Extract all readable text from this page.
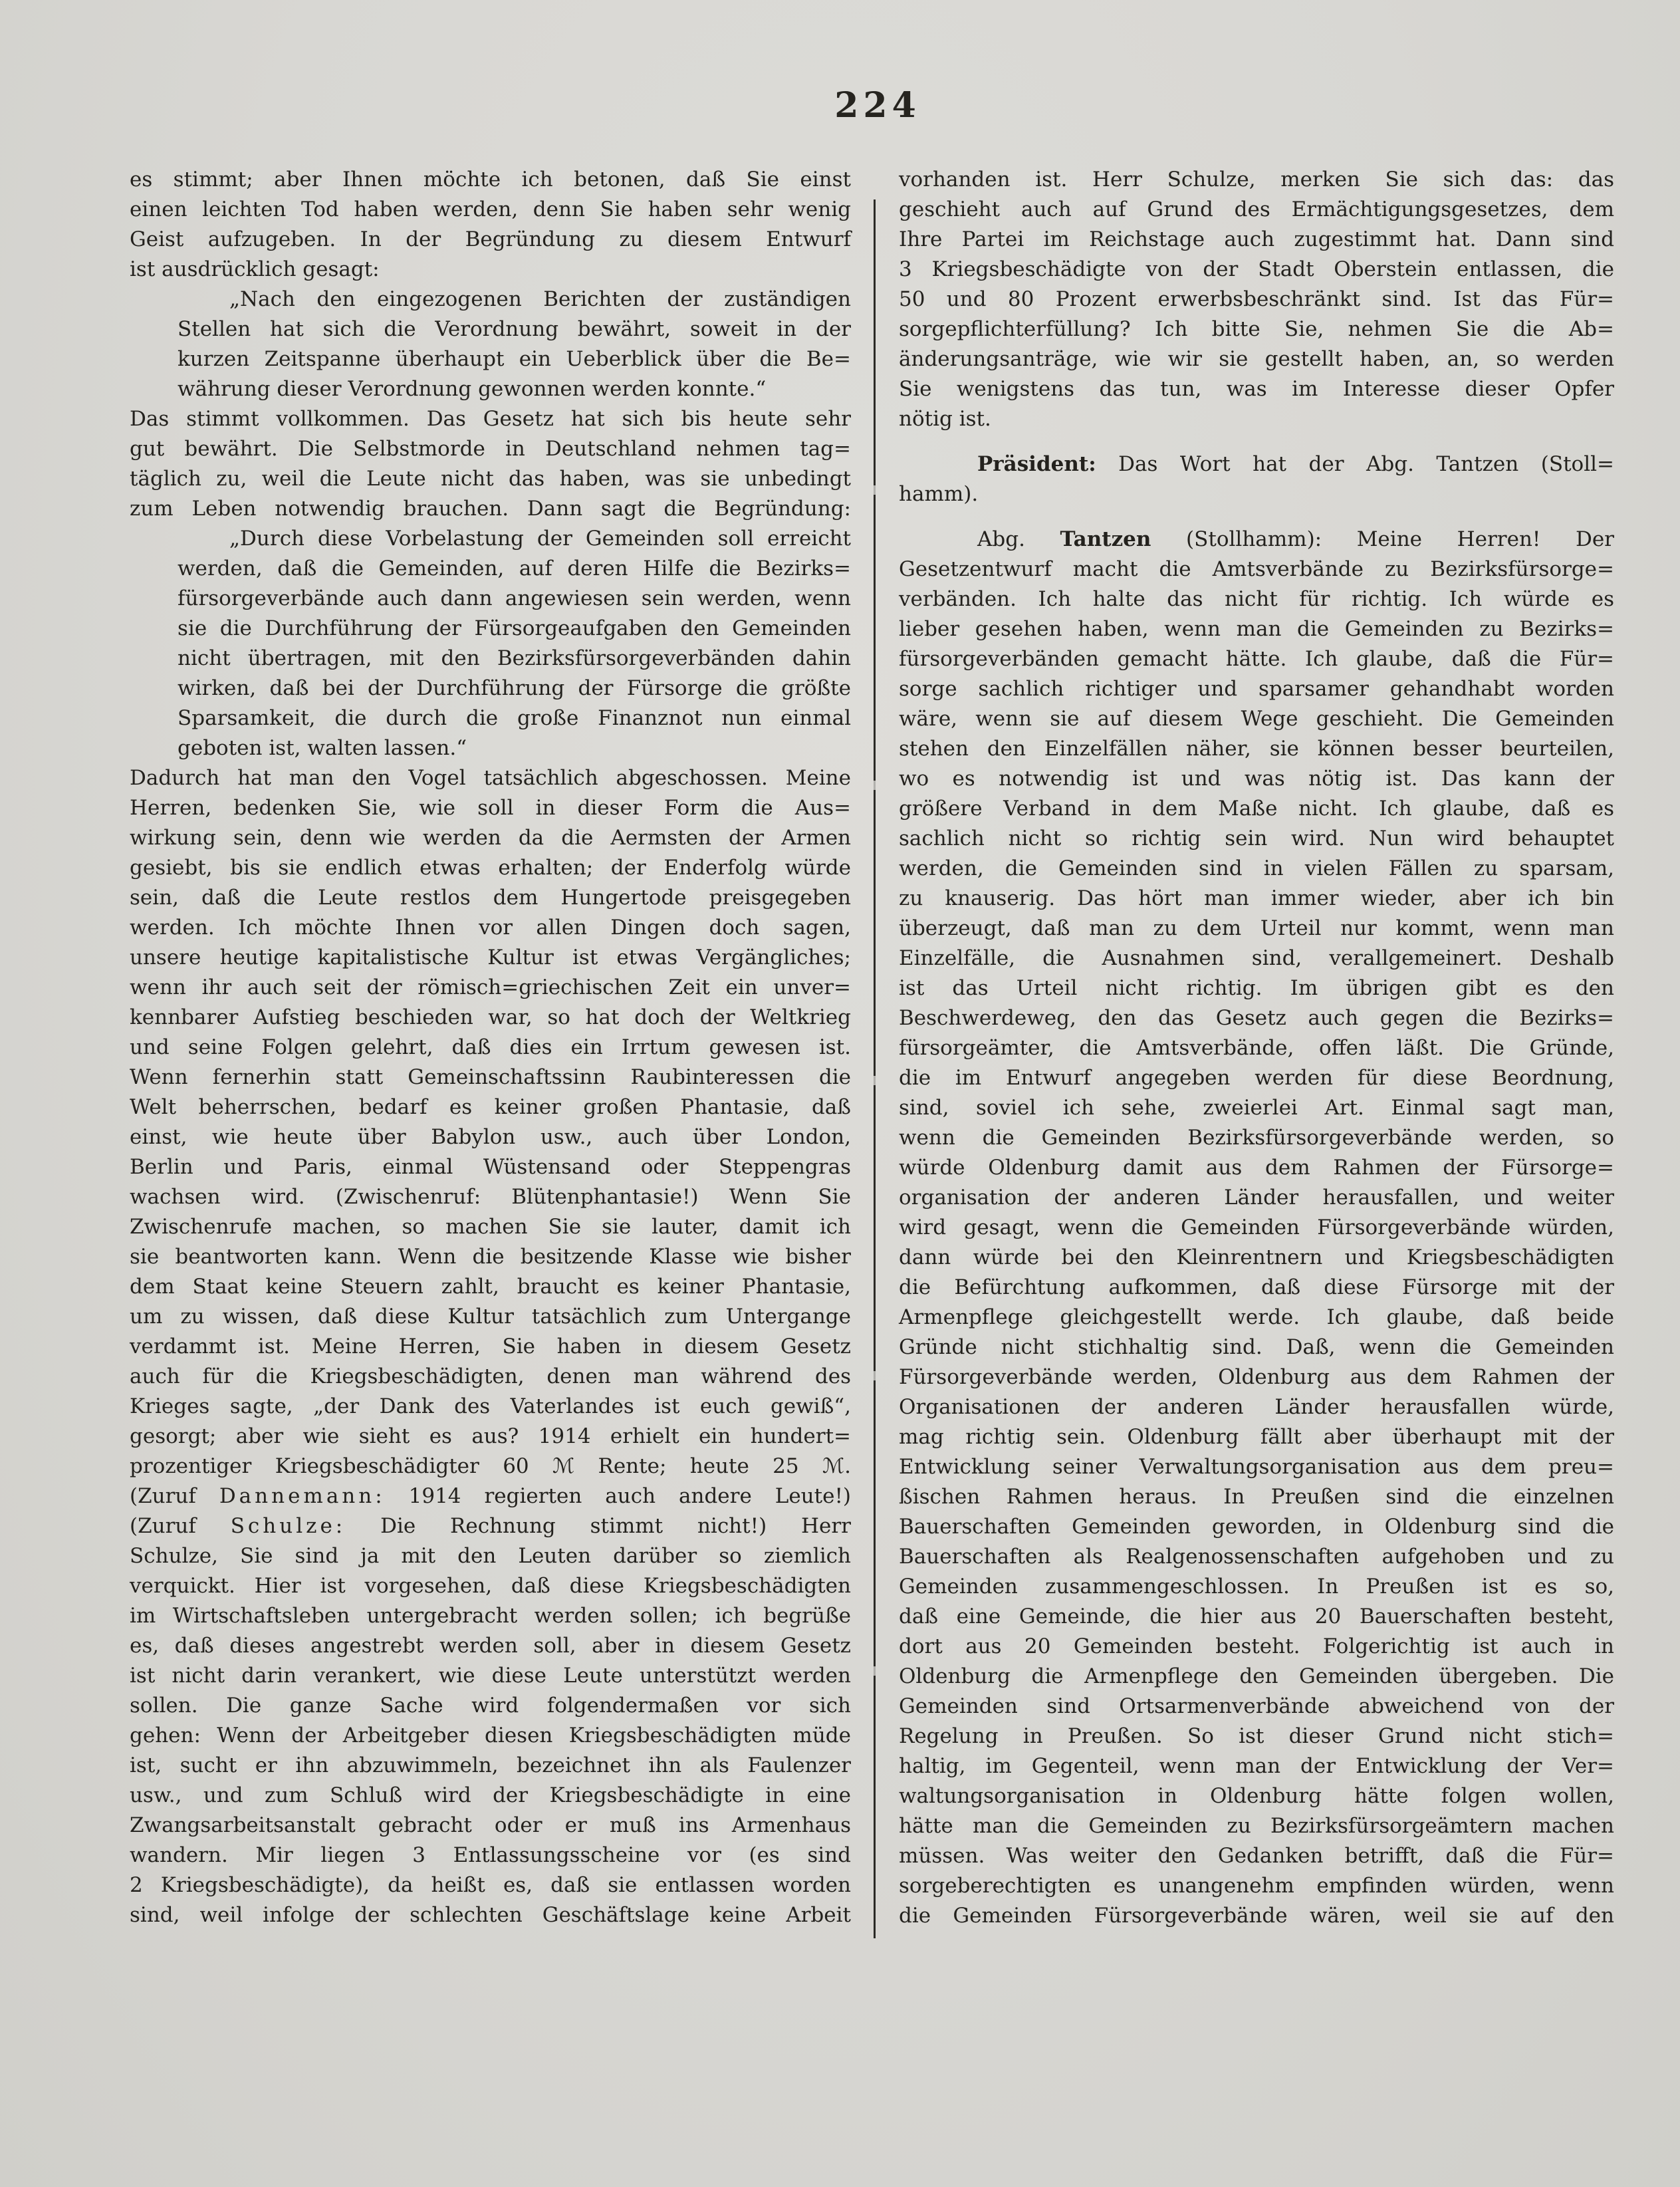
224
es stimmt; aber Ihnen möchte ich betonen, daß Sie einst
einen leichten Tod haben werden, denn Sie haben sehr wenig
Geist aufzugeben. In der Begründung zu diesem Entwurf
ist ausdrücklich gesagt:
„Nach den eingezogenen Berichten der zuständigen
Stellen hat sich die Verordnung bewährt, soweit in der
kurzen Zeitspanne überhaupt ein Ueberblick über die Be=
währung dieser Verordnung gewonnen werden konnte.“
Das stimmt vollkommen. Das Gesetz hat sich bis heute sehr
gut bewährt. Die Selbstmorde in Deutschland nehmen tag=
täglich zu, weil die Leute nicht das haben, was sie unbedingt
zum Leben notwendig brauchen. Dann sagt die Begründung:
„Durch diese Vorbelastung der Gemeinden soll erreicht
werden, daß die Gemeinden, auf deren Hilfe die Bezirks=
fürsorgeverbände auch dann angewiesen sein werden, wenn
sie die Durchführung der Fürsorgeaufgaben den Gemeinden
nicht übertragen, mit den Bezirksfürsorgeverbänden dahin
wirken, daß bei der Durchführung der Fürsorge die größte
Sparsamkeit, die durch die große Finanznot nun einmal
geboten ist, walten lassen.“
Dadurch hat man den Vogel tatsächlich abgeschossen. Meine
Herren, bedenken Sie, wie soll in dieser Form die Aus=
wirkung sein, denn wie werden da die Aermsten der Armen
gesiebt, bis sie endlich etwas erhalten; der Enderfolg würde
sein, daß die Leute restlos dem Hungertode preisgegeben
werden. Ich möchte Ihnen vor allen Dingen doch sagen,
unsere heutige kapitalistische Kultur ist etwas Vergängliches;
wenn ihr auch seit der römisch=griechischen Zeit ein unver=
kennbarer Aufstieg beschieden war, so hat doch der Weltkrieg
und seine Folgen gelehrt, daß dies ein Irrtum gewesen ist.
Wenn fernerhin statt Gemeinschaftssinn Raubinteressen die
Welt beherrschen, bedarf es keiner großen Phantasie, daß
einst, wie heute über Babylon usw., auch über London,
Berlin und Paris, einmal Wüstensand oder Steppengras
wachsen wird. (Zwischenruf: Blütenphantasie!) Wenn Sie
Zwischenrufe machen, so machen Sie sie lauter, damit ich
sie beantworten kann. Wenn die besitzende Klasse wie bisher
dem Staat keine Steuern zahlt, braucht es keiner Phantasie,
um zu wissen, daß diese Kultur tatsächlich zum Untergange
verdammt ist. Meine Herren, Sie haben in diesem Gesetz
auch für die Kriegsbeschädigten, denen man während des
Krieges sagte, „der Dank des Vaterlandes ist euch gewiß“,
gesorgt; aber wie sieht es aus? 1914 erhielt ein hundert=
prozentiger Kriegsbeschädigter 60 ℳ Rente; heute 25 ℳ.
(Zuruf Dannemann: 1914 regierten auch andere Leute!)
(Zuruf Schulze: Die Rechnung stimmt nicht!) Herr
Schulze, Sie sind ja mit den Leuten darüber so ziemlich
verquickt. Hier ist vorgesehen, daß diese Kriegsbeschädigten
im Wirtschaftsleben untergebracht werden sollen; ich begrüße
es, daß dieses angestrebt werden soll, aber in diesem Gesetz
ist nicht darin verankert, wie diese Leute unterstützt werden
sollen. Die ganze Sache wird folgendermaßen vor sich
gehen: Wenn der Arbeitgeber diesen Kriegsbeschädigten müde
ist, sucht er ihn abzuwimmeln, bezeichnet ihn als Faulenzer
usw., und zum Schluß wird der Kriegsbeschädigte in eine
Zwangsarbeitsanstalt gebracht oder er muß ins Armenhaus
wandern. Mir liegen 3 Entlassungsscheine vor (es sind
2 Kriegsbeschädigte), da heißt es, daß sie entlassen worden
sind, weil infolge der schlechten Geschäftslage keine Arbeit
vorhanden ist. Herr Schulze, merken Sie sich das: das
geschieht auch auf Grund des Ermächtigungsgesetzes, dem
Ihre Partei im Reichstage auch zugestimmt hat. Dann sind
3 Kriegsbeschädigte von der Stadt Oberstein entlassen, die
50 und 80 Prozent erwerbsbeschränkt sind. Ist das Für=
sorgepflichterfüllung? Ich bitte Sie, nehmen Sie die Ab=
änderungsanträge, wie wir sie gestellt haben, an, so werden
Sie wenigstens das tun, was im Interesse dieser Opfer
nötig ist.
Präsident: Das Wort hat der Abg. Tantzen (Stoll=
hamm).
Abg. Tantzen (Stollhamm): Meine Herren! Der
Gesetzentwurf macht die Amtsverbände zu Bezirksfürsorge=
verbänden. Ich halte das nicht für richtig. Ich würde es
lieber gesehen haben, wenn man die Gemeinden zu Bezirks=
fürsorgeverbänden gemacht hätte. Ich glaube, daß die Für=
sorge sachlich richtiger und sparsamer gehandhabt worden
wäre, wenn sie auf diesem Wege geschieht. Die Gemeinden
stehen den Einzelfällen näher, sie können besser beurteilen,
wo es notwendig ist und was nötig ist. Das kann der
größere Verband in dem Maße nicht. Ich glaube, daß es
sachlich nicht so richtig sein wird. Nun wird behauptet
werden, die Gemeinden sind in vielen Fällen zu sparsam,
zu knauserig. Das hört man immer wieder, aber ich bin
überzeugt, daß man zu dem Urteil nur kommt, wenn man
Einzelfälle, die Ausnahmen sind, verallgemeinert. Deshalb
ist das Urteil nicht richtig. Im übrigen gibt es den
Beschwerdeweg, den das Gesetz auch gegen die Bezirks=
fürsorgeämter, die Amtsverbände, offen läßt. Die Gründe,
die im Entwurf angegeben werden für diese Beordnung,
sind, soviel ich sehe, zweierlei Art. Einmal sagt man,
wenn die Gemeinden Bezirksfürsorgeverbände werden, so
würde Oldenburg damit aus dem Rahmen der Fürsorge=
organisation der anderen Länder herausfallen, und weiter
wird gesagt, wenn die Gemeinden Fürsorgeverbände würden,
dann würde bei den Kleinrentnern und Kriegsbeschädigten
die Befürchtung aufkommen, daß diese Fürsorge mit der
Armenpflege gleichgestellt werde. Ich glaube, daß beide
Gründe nicht stichhaltig sind. Daß, wenn die Gemeinden
Fürsorgeverbände werden, Oldenburg aus dem Rahmen der
Organisationen der anderen Länder herausfallen würde,
mag richtig sein. Oldenburg fällt aber überhaupt mit der
Entwicklung seiner Verwaltungsorganisation aus dem preu=
ßischen Rahmen heraus. In Preußen sind die einzelnen
Bauerschaften Gemeinden geworden, in Oldenburg sind die
Bauerschaften als Realgenossenschaften aufgehoben und zu
Gemeinden zusammengeschlossen. In Preußen ist es so,
daß eine Gemeinde, die hier aus 20 Bauerschaften besteht,
dort aus 20 Gemeinden besteht. Folgerichtig ist auch in
Oldenburg die Armenpflege den Gemeinden übergeben. Die
Gemeinden sind Ortsarmenverbände abweichend von der
Regelung in Preußen. So ist dieser Grund nicht stich=
haltig, im Gegenteil, wenn man der Entwicklung der Ver=
waltungsorganisation in Oldenburg hätte folgen wollen,
hätte man die Gemeinden zu Bezirksfürsorgeämtern machen
müssen. Was weiter den Gedanken betrifft, daß die Für=
sorgeberechtigten es unangenehm empfinden würden, wenn
die Gemeinden Fürsorgeverbände wären, weil sie auf den
